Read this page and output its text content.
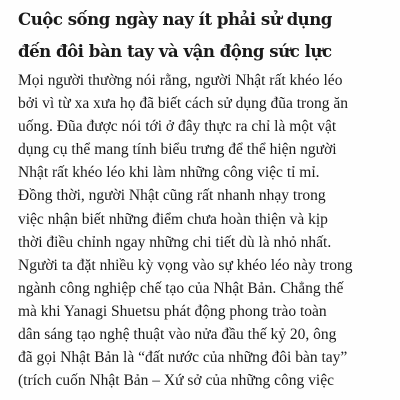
Cuộc sống ngày nay ít phải sử dụng
đến đôi bàn tay và vận động sức lực
Mọi người thường nói rằng, người Nhật rất khéo léo
bởi vì từ xa xưa họ đã biết cách sử dụng đũa trong ăn
uống. Đũa được nói tới ở đây thực ra chỉ là một vật
dụng cụ thể mang tính biểu trưng để thể hiện người
Nhật rất khéo léo khi làm những công việc tỉ mỉ.
Đồng thời, người Nhật cũng rất nhanh nhạy trong
việc nhận biết những điểm chưa hoàn thiện và kịp
thời điều chỉnh ngay những chi tiết dù là nhỏ nhất.
Người ta đặt nhiều kỳ vọng vào sự khéo léo này trong
ngành công nghiệp chế tạo của Nhật Bản. Chẳng thế
mà khi Yanagi Shuetsu phát động phong trào toàn
dân sáng tạo nghệ thuật vào nửa đầu thế kỷ 20, ông
đã gọi Nhật Bản là “đất nước của những đôi bàn tay”
(trích cuốn Nhật Bản – Xứ sở của những công việc
